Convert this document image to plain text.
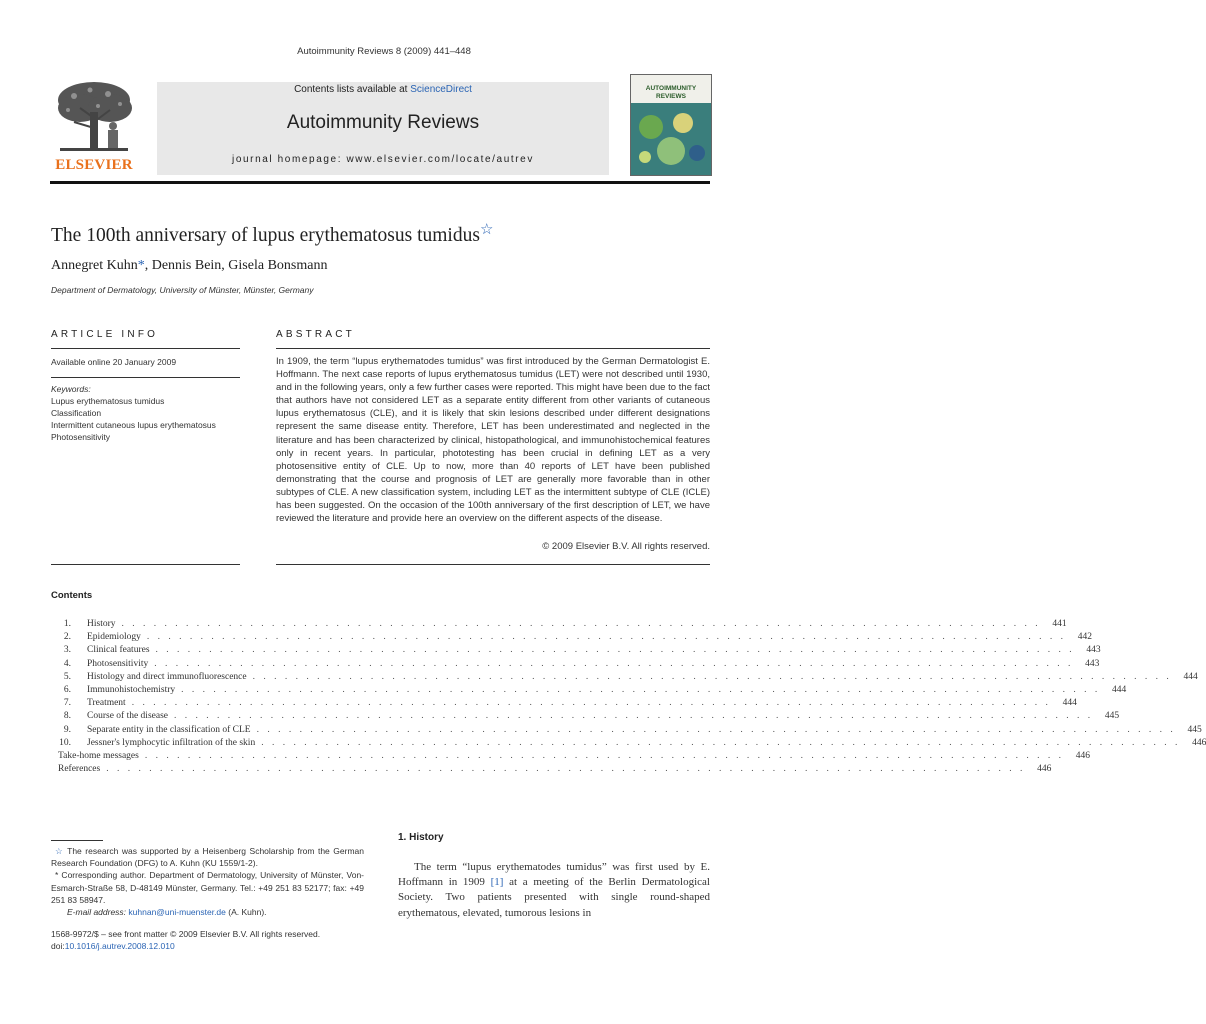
Autoimmunity Reviews 8 (2009) 441–448
ELSEVIER
Contents lists available at ScienceDirect
Autoimmunity Reviews
journal homepage: www.elsevier.com/locate/autrev
AUTOIMMUNITY
REVIEWS
The 100th anniversary of lupus erythematosus tumidus☆
Annegret Kuhn*, Dennis Bein, Gisela Bonsmann
Department of Dermatology, University of Münster, Münster, Germany
ARTICLE INFO	ABSTRACT
Available online 20 January 2009
Keywords:
Lupus erythematosus tumidus
Classification
Intermittent cutaneous lupus erythematosus
Photosensitivity
In 1909, the term “lupus erythematodes tumidus” was first introduced by the German Dermatologist E. Hoffmann. The next case reports of lupus erythematosus tumidus (LET) were not described until 1930, and in the following years, only a few further cases were reported. This might have been due to the fact that authors have not considered LET as a separate entity different from other variants of cutaneous lupus erythematosus (CLE), and it is likely that skin lesions described under different designations represent the same disease entity. Therefore, LET has been underestimated and neglected in the literature and has been characterized by clinical, histopathological, and immunohistochemical features only in recent years. In particular, phototesting has been crucial in defining LET as a very photosensitive entity of CLE. Up to now, more than 40 reports of LET have been published demonstrating that the course and prognosis of LET are generally more favorable than in other subtypes of CLE. A new classification system, including LET as the intermittent subtype of CLE (ICLE) has been suggested. On the occasion of the 100th anniversary of the first description of LET, we have reviewed the literature and provide here an overview on the different aspects of the disease.
© 2009 Elsevier B.V. All rights reserved.
Contents
1. History . . . . . . . . . . . . . . . . . . . . . . . . . . . . . . . . . . . . . . . . . . . . . . . . . . . . . . . . . . . . . . . . . . . . . . . . . . . . . . . . . . . . . .	441
2. Epidemiology . . . . . . . . . . . . . . . . . . . . . . . . . . . . . . . . . . . . . . . . . . . . . . . . . . . . . . . . . . . . . . . . . . . . . . . . . . . . . . . . . . . . . .	442
3. Clinical features . . . . . . . . . . . . . . . . . . . . . . . . . . . . . . . . . . . . . . . . . . . . . . . . . . . . . . . . . . . . . . . . . . . . . . . . . . . . . . . . . . . . . .	443
4. Photosensitivity . . . . . . . . . . . . . . . . . . . . . . . . . . . . . . . . . . . . . . . . . . . . . . . . . . . . . . . . . . . . . . . . . . . . . . . . . . . . . . . . . . . . . .	443
5. Histology and direct immunofluorescence . . . . . . . . . . . . . . . . . . . . . . . . . . . . . . . . . . . . . . . . . . . . . . . . . . . . . . . . . . . . . . . . . . . . . . . . . . . . . . . . . . . . . .	444
6. Immunohistochemistry . . . . . . . . . . . . . . . . . . . . . . . . . . . . . . . . . . . . . . . . . . . . . . . . . . . . . . . . . . . . . . . . . . . . . . . . . . . . . . . . . . . . . .	444
7. Treatment . . . . . . . . . . . . . . . . . . . . . . . . . . . . . . . . . . . . . . . . . . . . . . . . . . . . . . . . . . . . . . . . . . . . . . . . . . . . . . . . . . . . . .	444
8. Course of the disease . . . . . . . . . . . . . . . . . . . . . . . . . . . . . . . . . . . . . . . . . . . . . . . . . . . . . . . . . . . . . . . . . . . . . . . . . . . . . . . . . . . . . .	445
9. Separate entity in the classification of CLE . . . . . . . . . . . . . . . . . . . . . . . . . . . . . . . . . . . . . . . . . . . . . . . . . . . . . . . . . . . . . . . . . . . . . . . . . . . . . . . . . . . . . .	445
10. Jessner's lymphocytic infiltration of the skin . . . . . . . . . . . . . . . . . . . . . . . . . . . . . . . . . . . . . . . . . . . . . . . . . . . . . . . . . . . . . . . . . . . . . . . . . . . . . . . . . . . . . .	446
Take-home messages . . . . . . . . . . . . . . . . . . . . . . . . . . . . . . . . . . . . . . . . . . . . . . . . . . . . . . . . . . . . . . . . . . . . . . . . . . . . . . . . . . . . . .	446
References . . . . . . . . . . . . . . . . . . . . . . . . . . . . . . . . . . . . . . . . . . . . . . . . . . . . . . . . . . . . . . . . . . . . . . . . . . . . . . . . . . . . . .	446

☆ The research was supported by a Heisenberg Scholarship from the German Research Foundation (DFG) to A. Kuhn (KU 1559/1-2).

* Corresponding author. Department of Dermatology, University of Münster, Von-Esmarch-Straße 58, D-48149 Münster, Germany. Tel.: +49 251 83 52177; fax: +49 251 83 58947.

E-mail address: kuhnan@uni-muenster.de (A. Kuhn).

1568-9972/$ – see front matter © 2009 Elsevier B.V. All rights reserved.
doi:10.1016/j.autrev.2008.12.010
1. History
The term “lupus erythematodes tumidus” was first used by E. Hoffmann in 1909 [1] at a meeting of the Berlin Dermatological Society. Two patients presented with single round-shaped erythematous, elevated, tumorous lesions in
